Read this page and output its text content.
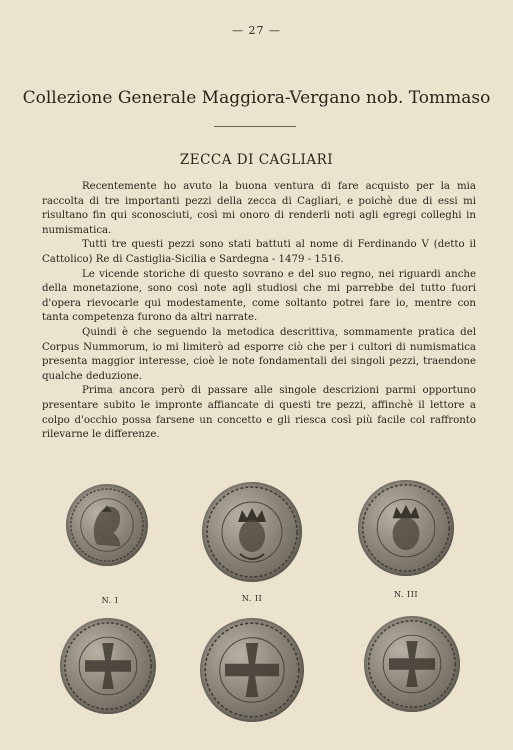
— 27 —
Collezione Generale Maggiora-Vergano nob. Tommaso
ZECCA DI CAGLIARI

Recentemente ho avuto la buona ventura di fare acquisto per la mia raccolta di tre importanti pezzi della zecca di Cagliari, e poichè due di essi mi risultano fin qui sconosciuti, così mi onoro di renderli noti agli egregi colleghi in numismatica.

Tutti tre questi pezzi sono stati battuti al nome di Ferdinando V (detto il Cattolico) Re di Castiglia-Sicilia e Sardegna - 1479 - 1516.

Le vicende storiche di questo sovrano e del suo regno, nei riguardi anche della monetazione, sono così note agli studiosi che mi parrebbe del tutto fuori d'opera rievocarle qui modestamente, come soltanto potrei fare io, mentre con tanta competenza furono da altri narrate.

Quindi è che seguendo la metodica descrittiva, sommamente pratica del Corpus Nummorum, io mi limiterò ad esporre ciò che per i cultori di numismatica presenta maggior interesse, cioè le note fondamentali dei singoli pezzi, traendone qualche deduzione.

Prima ancora però di passare alle singole descrizioni parmi opportuno presentare subito le impronte affiancate di questi tre pezzi, affinchè il lettore a colpo d'occhio possa farsene un concetto e gli riesca così più facile col raffronto rilevarne le differenze.

N. I	N. II	N. III
